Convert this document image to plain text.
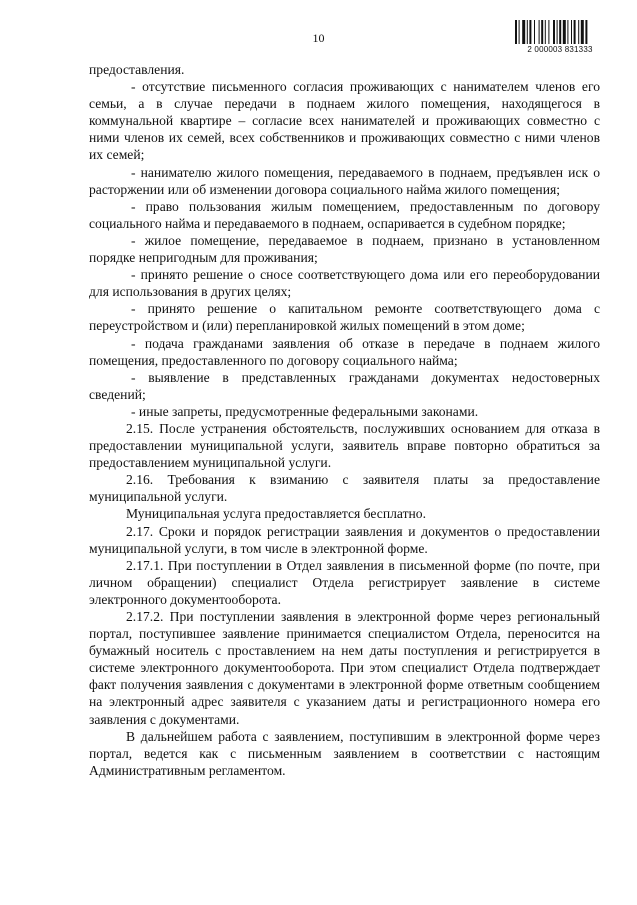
10
2 000003 831333

предоставления.

- отсутствие письменного согласия проживающих с нанимателем членов его семьи, а в случае передачи в поднаем жилого помещения, находящегося в коммунальной квартире – согласие всех нанимателей и проживающих совместно с ними членов их семей, всех собственников и проживающих совместно с ними членов их семей;

- нанимателю жилого помещения, передаваемого в поднаем, предъявлен иск о расторжении или об изменении договора социального найма жилого помещения;

- право пользования жилым помещением, предоставленным по договору социального найма и передаваемого в поднаем, оспаривается в судебном порядке;

- жилое помещение, передаваемое в поднаем, признано в установленном порядке непригодным для проживания;

- принято решение о сносе соответствующего дома или его переоборудовании для использования в других целях;

- принято решение о капитальном ремонте соответствующего дома с переустройством и (или) перепланировкой жилых помещений в этом доме;

- подача гражданами заявления об отказе в передаче в поднаем жилого помещения, предоставленного по договору социального найма;

- выявление в представленных гражданами документах недостоверных сведений;

- иные запреты, предусмотренные федеральными законами.

2.15. После устранения обстоятельств, послуживших основанием для отказа в предоставлении муниципальной услуги, заявитель вправе повторно обратиться за предоставлением муниципальной услуги.

2.16. Требования к взиманию с заявителя платы за предоставление муниципальной услуги.

Муниципальная услуга предоставляется бесплатно.

2.17. Сроки и порядок регистрации заявления и документов о предоставлении муниципальной услуги, в том числе в электронной форме.

2.17.1. При поступлении в Отдел заявления в письменной форме (по почте, при личном обращении) специалист Отдела регистрирует заявление в системе электронного документооборота.

2.17.2. При поступлении заявления в электронной форме через региональный портал, поступившее заявление принимается специалистом Отдела, переносится на бумажный носитель с проставлением на нем даты поступления и регистрируется в системе электронного документооборота. При этом специалист Отдела подтверждает факт получения заявления с документами в электронной форме ответным сообщением на электронный адрес заявителя с указанием даты и регистрационного номера его заявления с документами.

В дальнейшем работа с заявлением, поступившим в электронной форме через портал, ведется как с письменным заявлением в соответствии с настоящим Административным регламентом.
